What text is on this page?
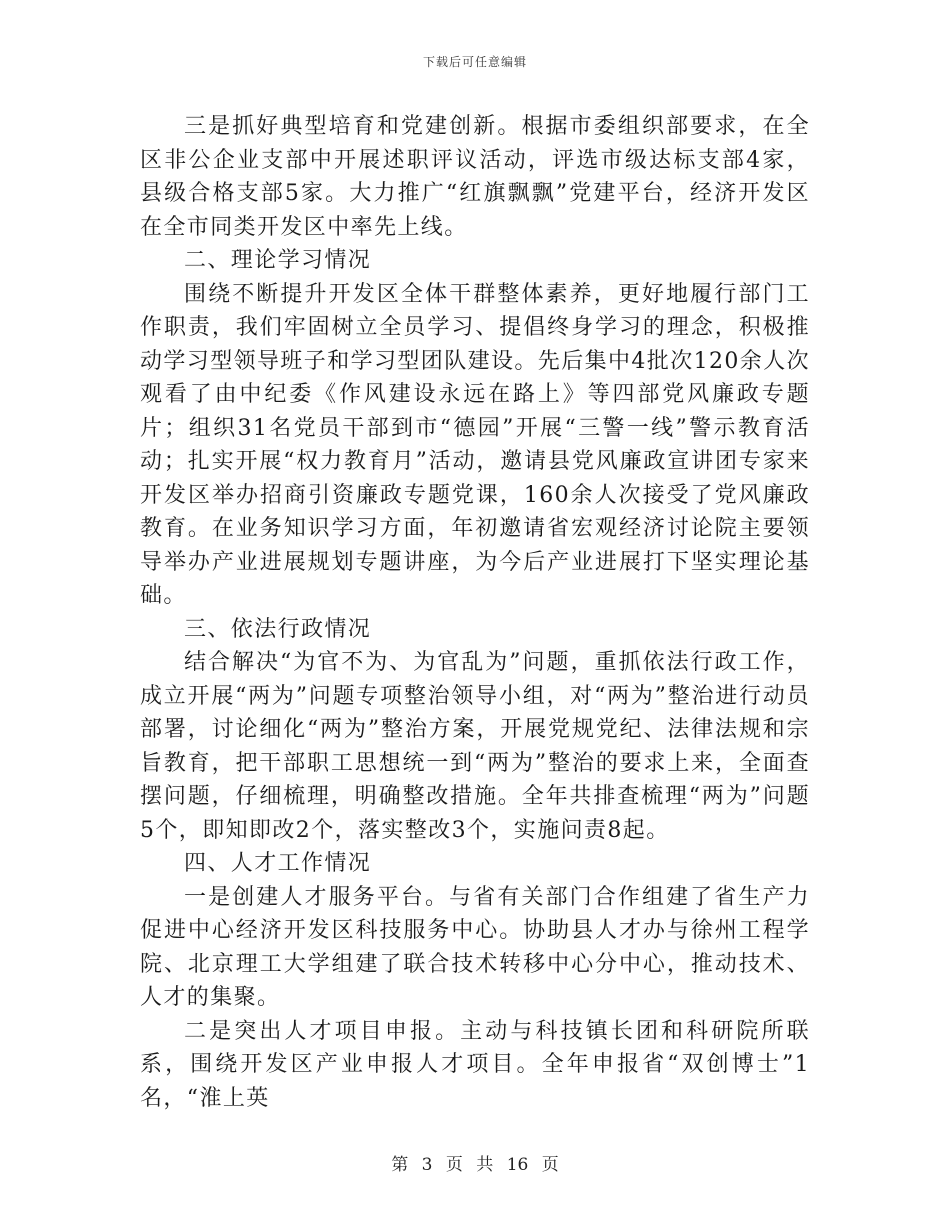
下载后可任意编辑

三是抓好典型培育和党建创新。根据市委组织部要求，在全区非公企业支部中开展述职评议活动，评选市级达标支部4家，县级合格支部5家。大力推广“红旗飘飘”党建平台，经济开发区在全市同类开发区中率先上线。

二、理论学习情况

围绕不断提升开发区全体干群整体素养，更好地履行部门工作职责，我们牢固树立全员学习、提倡终身学习的理念，积极推动学习型领导班子和学习型团队建设。先后集中4批次120余人次观看了由中纪委《作风建设永远在路上》等四部党风廉政专题片；组织31名党员干部到市“德园”开展“三警一线”警示教育活动；扎实开展“权力教育月”活动，邀请县党风廉政宣讲团专家来开发区举办招商引资廉政专题党课，160余人次接受了党风廉政教育。在业务知识学习方面，年初邀请省宏观经济讨论院主要领导举办产业进展规划专题讲座，为今后产业进展打下坚实理论基础。

三、依法行政情况

结合解决“为官不为、为官乱为”问题，重抓依法行政工作，成立开展“两为”问题专项整治领导小组，对“两为”整治进行动员部署，讨论细化“两为”整治方案，开展党规党纪、法律法规和宗旨教育，把干部职工思想统一到“两为”整治的要求上来，全面查摆问题，仔细梳理，明确整改措施。全年共排查梳理“两为”问题5个，即知即改2个，落实整改3个，实施问责8起。

四、人才工作情况

一是创建人才服务平台。与省有关部门合作组建了省生产力促进中心经济开发区科技服务中心。协助县人才办与徐州工程学院、北京理工大学组建了联合技术转移中心分中心，推动技术、人才的集聚。

二是突出人才项目申报。主动与科技镇长团和科研院所联系，围绕开发区产业申报人才项目。全年申报省“双创博士”1名，“淮上英

第 3 页 共 16 页
